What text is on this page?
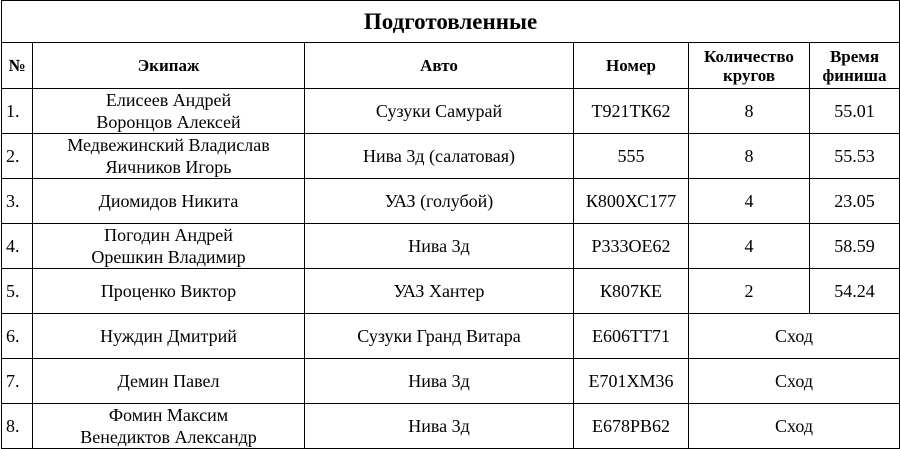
Подготовленные					
№	Экипаж	Авто	Номер	Количество
кругов	Время
финиша

1.	Елисеев Андрей
Воронцов Алексей	Сузуки Самурай	Т921ТК62	8	55.01
2.	Медвежинский Владислав
Яичников Игорь	Нива 3д (салатовая)	555	8	55.53
3.	Диомидов Никита	УАЗ (голубой)	К800ХС177	4	23.05
4.	Погодин Андрей
Орешкин Владимир	Нива 3д	Р333ОЕ62	4	58.59
5.	Проценко Виктор	УАЗ Хантер	К807КЕ	2	54.24
6.	Нуждин Дмитрий	Сузуки Гранд Витара	Е606ТТ71	Сход	
7.	Демин Павел	Нива 3д	Е701ХМ36	Сход	
8.	Фомин Максим
Венедиктов Александр	Нива 3д	Е678РВ62	Сход	
